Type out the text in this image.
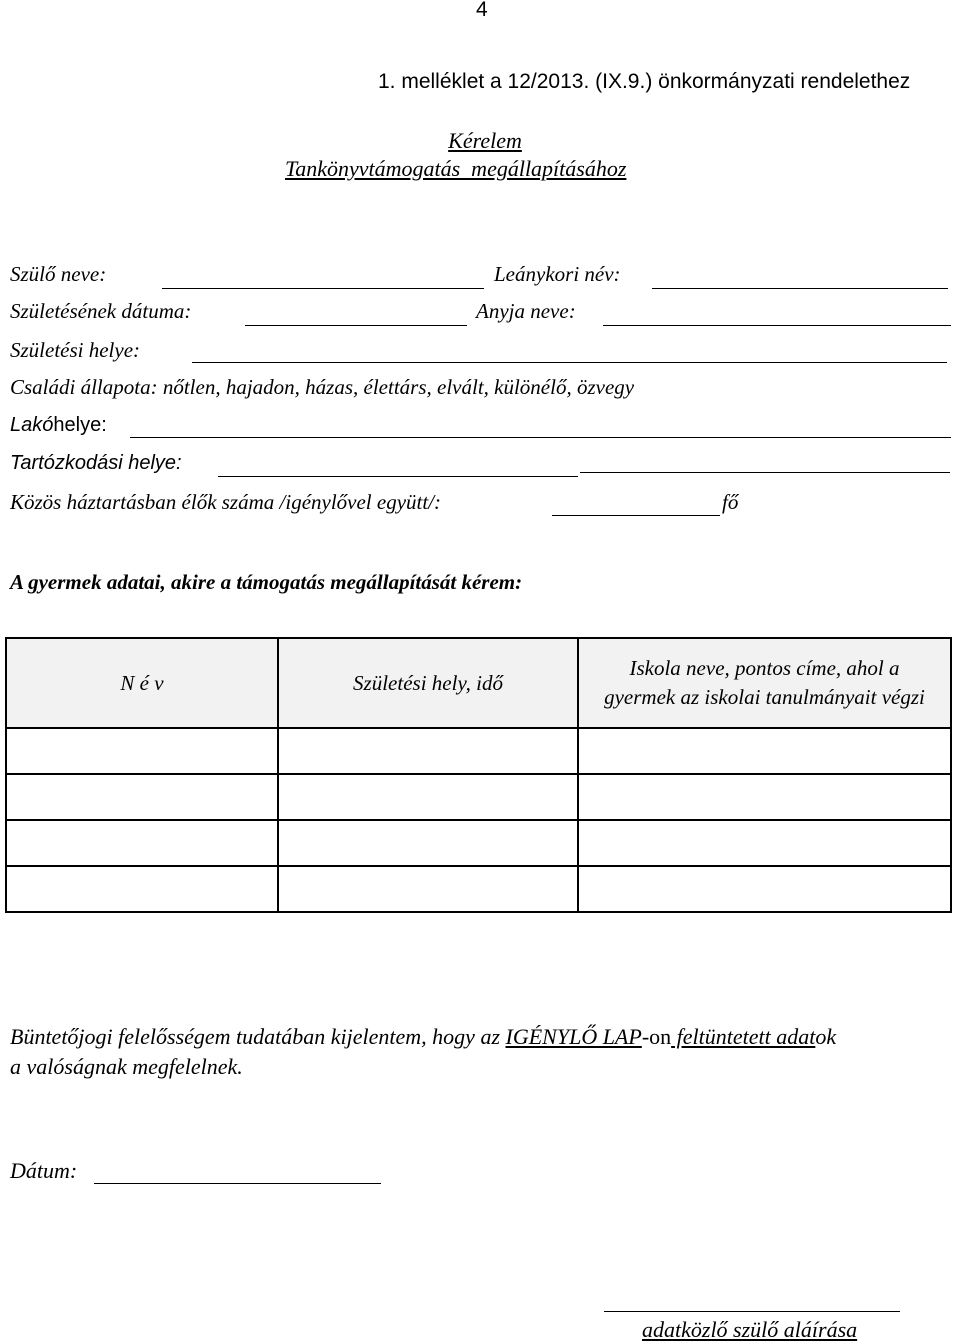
4
1. melléklet a 12/2013. (IX.9.) önkormányzati rendelethez
Kérelem
Tankönyvtámogatás  megállapításához
Szülő neve:	Leánykori név:
Születésének dátuma:	Anyja neve:
Születési helye:
Családi állapota: nőtlen, hajadon, házas, élettárs, elvált, különélő, özvegy
Lakóhelye:
Tartózkodási helye:
Közös háztartásban élők száma /igénylővel együtt/:	fő
A gyermek adatai, akire a támogatás megállapítását kérem:
N é v	Születési hely, idő	Iskola neve, pontos címe, ahol a gyermek az iskolai tanulmányait végzi

Büntetőjogi felelősségem tudatában kijelentem, hogy az IGÉNYLŐ LAP-on feltüntetett adatok
a valóságnak megfelelnek.
Dátum:
adatközlő szülő aláírása
